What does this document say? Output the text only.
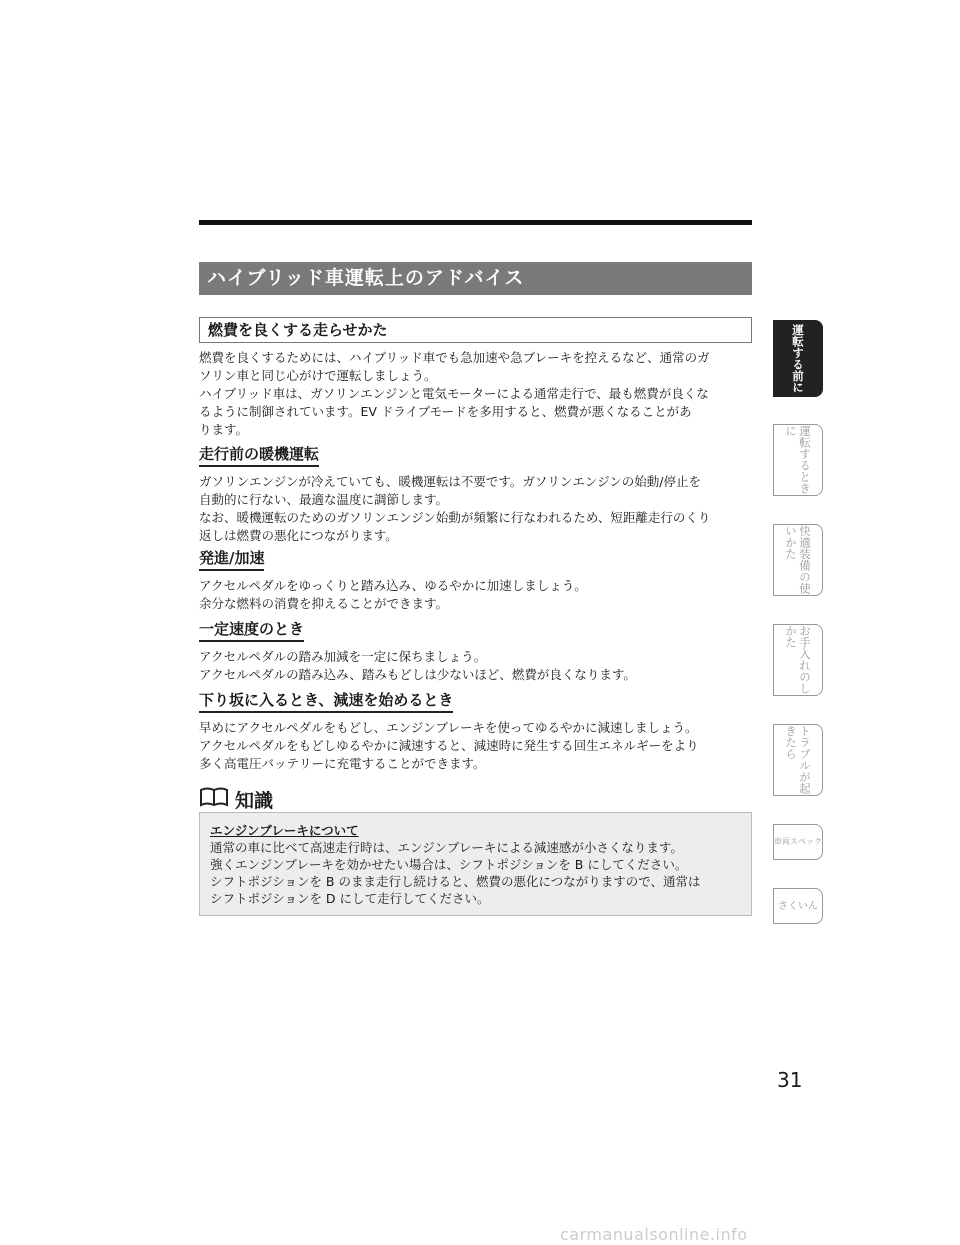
ハイブリッド車運転上のアドバイス
燃費を良くする走らせかた
燃費を良くするためには、ハイブリッド車でも急加速や急ブレーキを控えるなど、通常のガ
ソリン車と同じ心がけで運転しましょう。
ハイブリッド車は、ガソリンエンジンと電気モーターによる通常走行で、最も燃費が良くな
るように制御されています。EV ドライブモードを多用すると、燃費が悪くなることがあ
ります。
走行前の暖機運転
ガソリンエンジンが冷えていても、暖機運転は不要です。ガソリンエンジンの始動/停止を
自動的に行ない、最適な温度に調節します。
なお、暖機運転のためのガソリンエンジン始動が頻繁に行なわれるため、短距離走行のくり
返しは燃費の悪化につながります。
発進/加速
アクセルペダルをゆっくりと踏み込み、ゆるやかに加速しましょう。
余分な燃料の消費を抑えることができます。
一定速度のとき
アクセルペダルの踏み加減を一定に保ちましょう。
アクセルペダルの踏み込み、踏みもどしは少ないほど、燃費が良くなります。
下り坂に入るとき、減速を始めるとき
早めにアクセルペダルをもどし、エンジンブレーキを使ってゆるやかに減速しましょう。
アクセルペダルをもどしゆるやかに減速すると、減速時に発生する回生エネルギーをより
多く高電圧バッテリーに充電することができます。
知識
エンジンブレーキについて

通常の車に比べて高速走行時は、エンジンブレーキによる減速感が小さくなります。

強くエンジンブレーキを効かせたい場合は、シフトポジションを B にしてください。

シフトポジションを B のまま走行し続けると、燃費の悪化につながりますので、通常は

シフトポジションを D にして走行してください。

運転する前に
運転するときに
快適装備の使いかた
お手入れのしかた
トラブルが起きたら
車両スペック
さくいん
31
carmanualsonline.info
